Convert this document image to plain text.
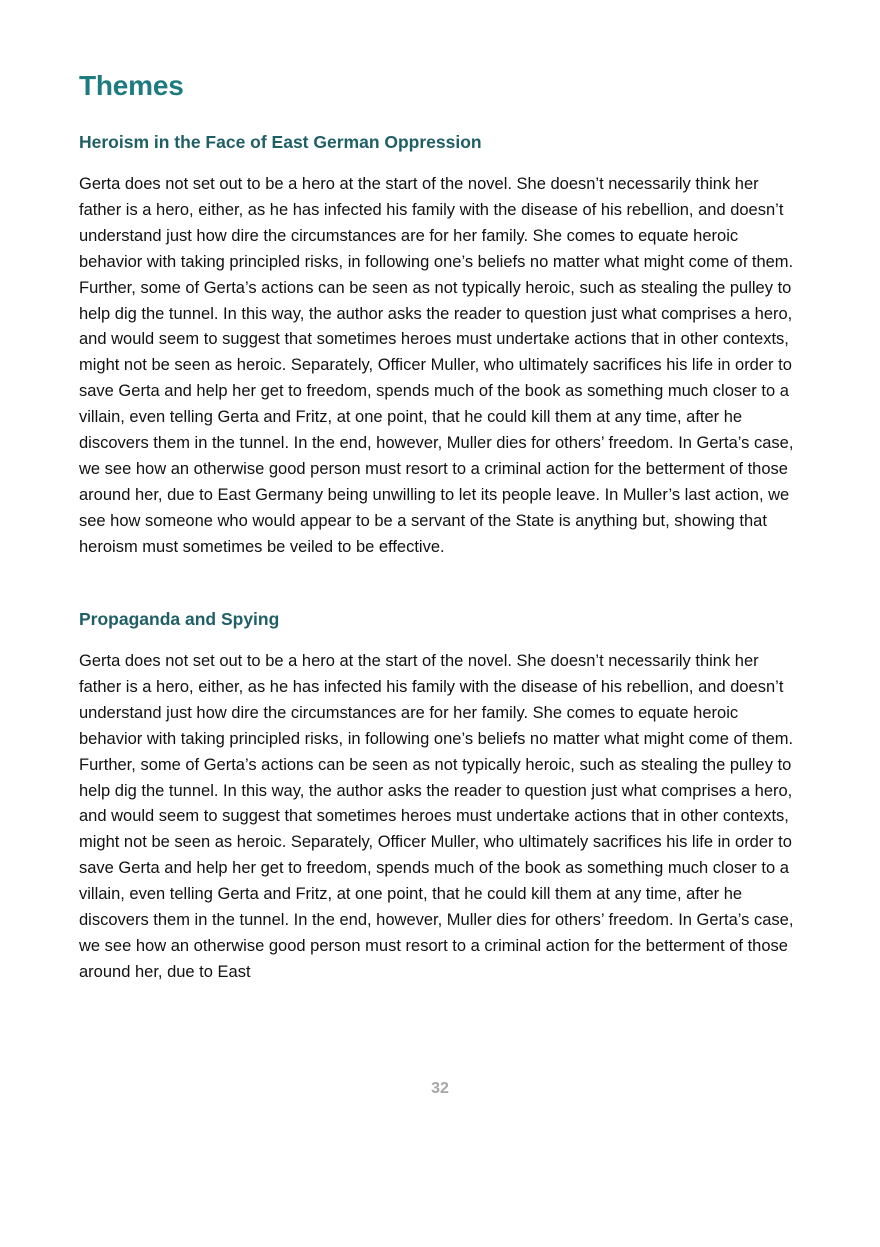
Themes
Heroism in the Face of East German Oppression

Gerta does not set out to be a hero at the start of the novel. She doesn’t necessarily think her father is a hero, either, as he has infected his family with the disease of his rebellion, and doesn’t understand just how dire the circumstances are for her family. She comes to equate heroic behavior with taking principled risks, in following one’s beliefs no matter what might come of them. Further, some of Gerta’s actions can be seen as not typically heroic, such as stealing the pulley to help dig the tunnel. In this way, the author asks the reader to question just what comprises a hero, and would seem to suggest that sometimes heroes must undertake actions that in other contexts, might not be seen as heroic. Separately, Officer Muller, who ultimately sacrifices his life in order to save Gerta and help her get to freedom, spends much of the book as something much closer to a villain, even telling Gerta and Fritz, at one point, that he could kill them at any time, after he discovers them in the tunnel. In the end, however, Muller dies for others’ freedom. In Gerta’s case, we see how an otherwise good person must resort to a criminal action for the betterment of those around her, due to East Germany being unwilling to let its people leave. In Muller’s last action, we see how someone who would appear to be a servant of the State is anything but, showing that heroism must sometimes be veiled to be effective.

Propaganda and Spying

Gerta does not set out to be a hero at the start of the novel. She doesn’t necessarily think her father is a hero, either, as he has infected his family with the disease of his rebellion, and doesn’t understand just how dire the circumstances are for her family. She comes to equate heroic behavior with taking principled risks, in following one’s beliefs no matter what might come of them. Further, some of Gerta’s actions can be seen as not typically heroic, such as stealing the pulley to help dig the tunnel. In this way, the author asks the reader to question just what comprises a hero, and would seem to suggest that sometimes heroes must undertake actions that in other contexts, might not be seen as heroic. Separately, Officer Muller, who ultimately sacrifices his life in order to save Gerta and help her get to freedom, spends much of the book as something much closer to a villain, even telling Gerta and Fritz, at one point, that he could kill them at any time, after he discovers them in the tunnel. In the end, however, Muller dies for others’ freedom. In Gerta’s case, we see how an otherwise good person must resort to a criminal action for the betterment of those around her, due to East

32
